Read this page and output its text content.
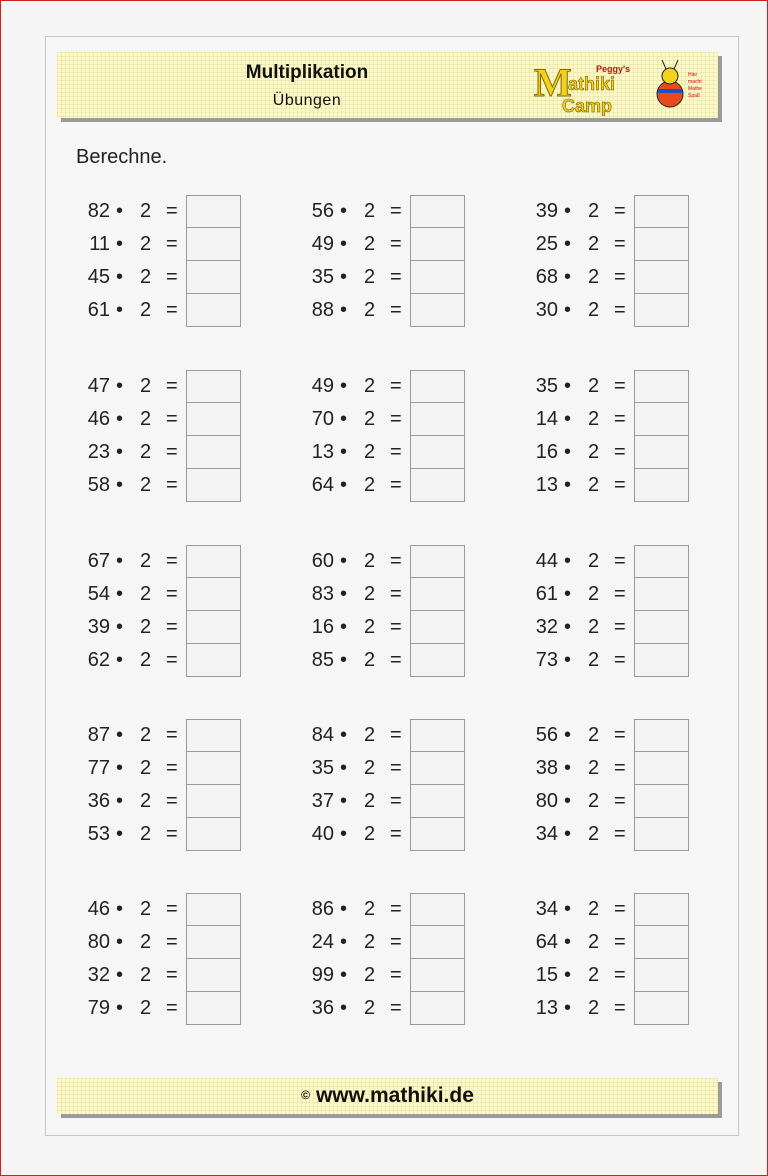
Multiplikation
Übungen	M
athiki
Camp
Peggy's
Hier
macht
Mathe
Spaß
Berechne.
82 • 2 =
11 • 2 =
45 • 2 =
61 • 2 =
56 • 2 =
49 • 2 =
35 • 2 =
88 • 2 =
39 • 2 =
25 • 2 =
68 • 2 =
30 • 2 =
47 • 2 =
46 • 2 =
23 • 2 =
58 • 2 =
49 • 2 =
70 • 2 =
13 • 2 =
64 • 2 =
35 • 2 =
14 • 2 =
16 • 2 =
13 • 2 =
67 • 2 =
54 • 2 =
39 • 2 =
62 • 2 =
60 • 2 =
83 • 2 =
16 • 2 =
85 • 2 =
44 • 2 =
61 • 2 =
32 • 2 =
73 • 2 =
87 • 2 =
77 • 2 =
36 • 2 =
53 • 2 =
84 • 2 =
35 • 2 =
37 • 2 =
40 • 2 =
56 • 2 =
38 • 2 =
80 • 2 =
34 • 2 =
46 • 2 =
80 • 2 =
32 • 2 =
79 • 2 =
86 • 2 =
24 • 2 =
99 • 2 =
36 • 2 =
34 • 2 =
64 • 2 =
15 • 2 =
13 • 2 =
© www.mathiki.de
